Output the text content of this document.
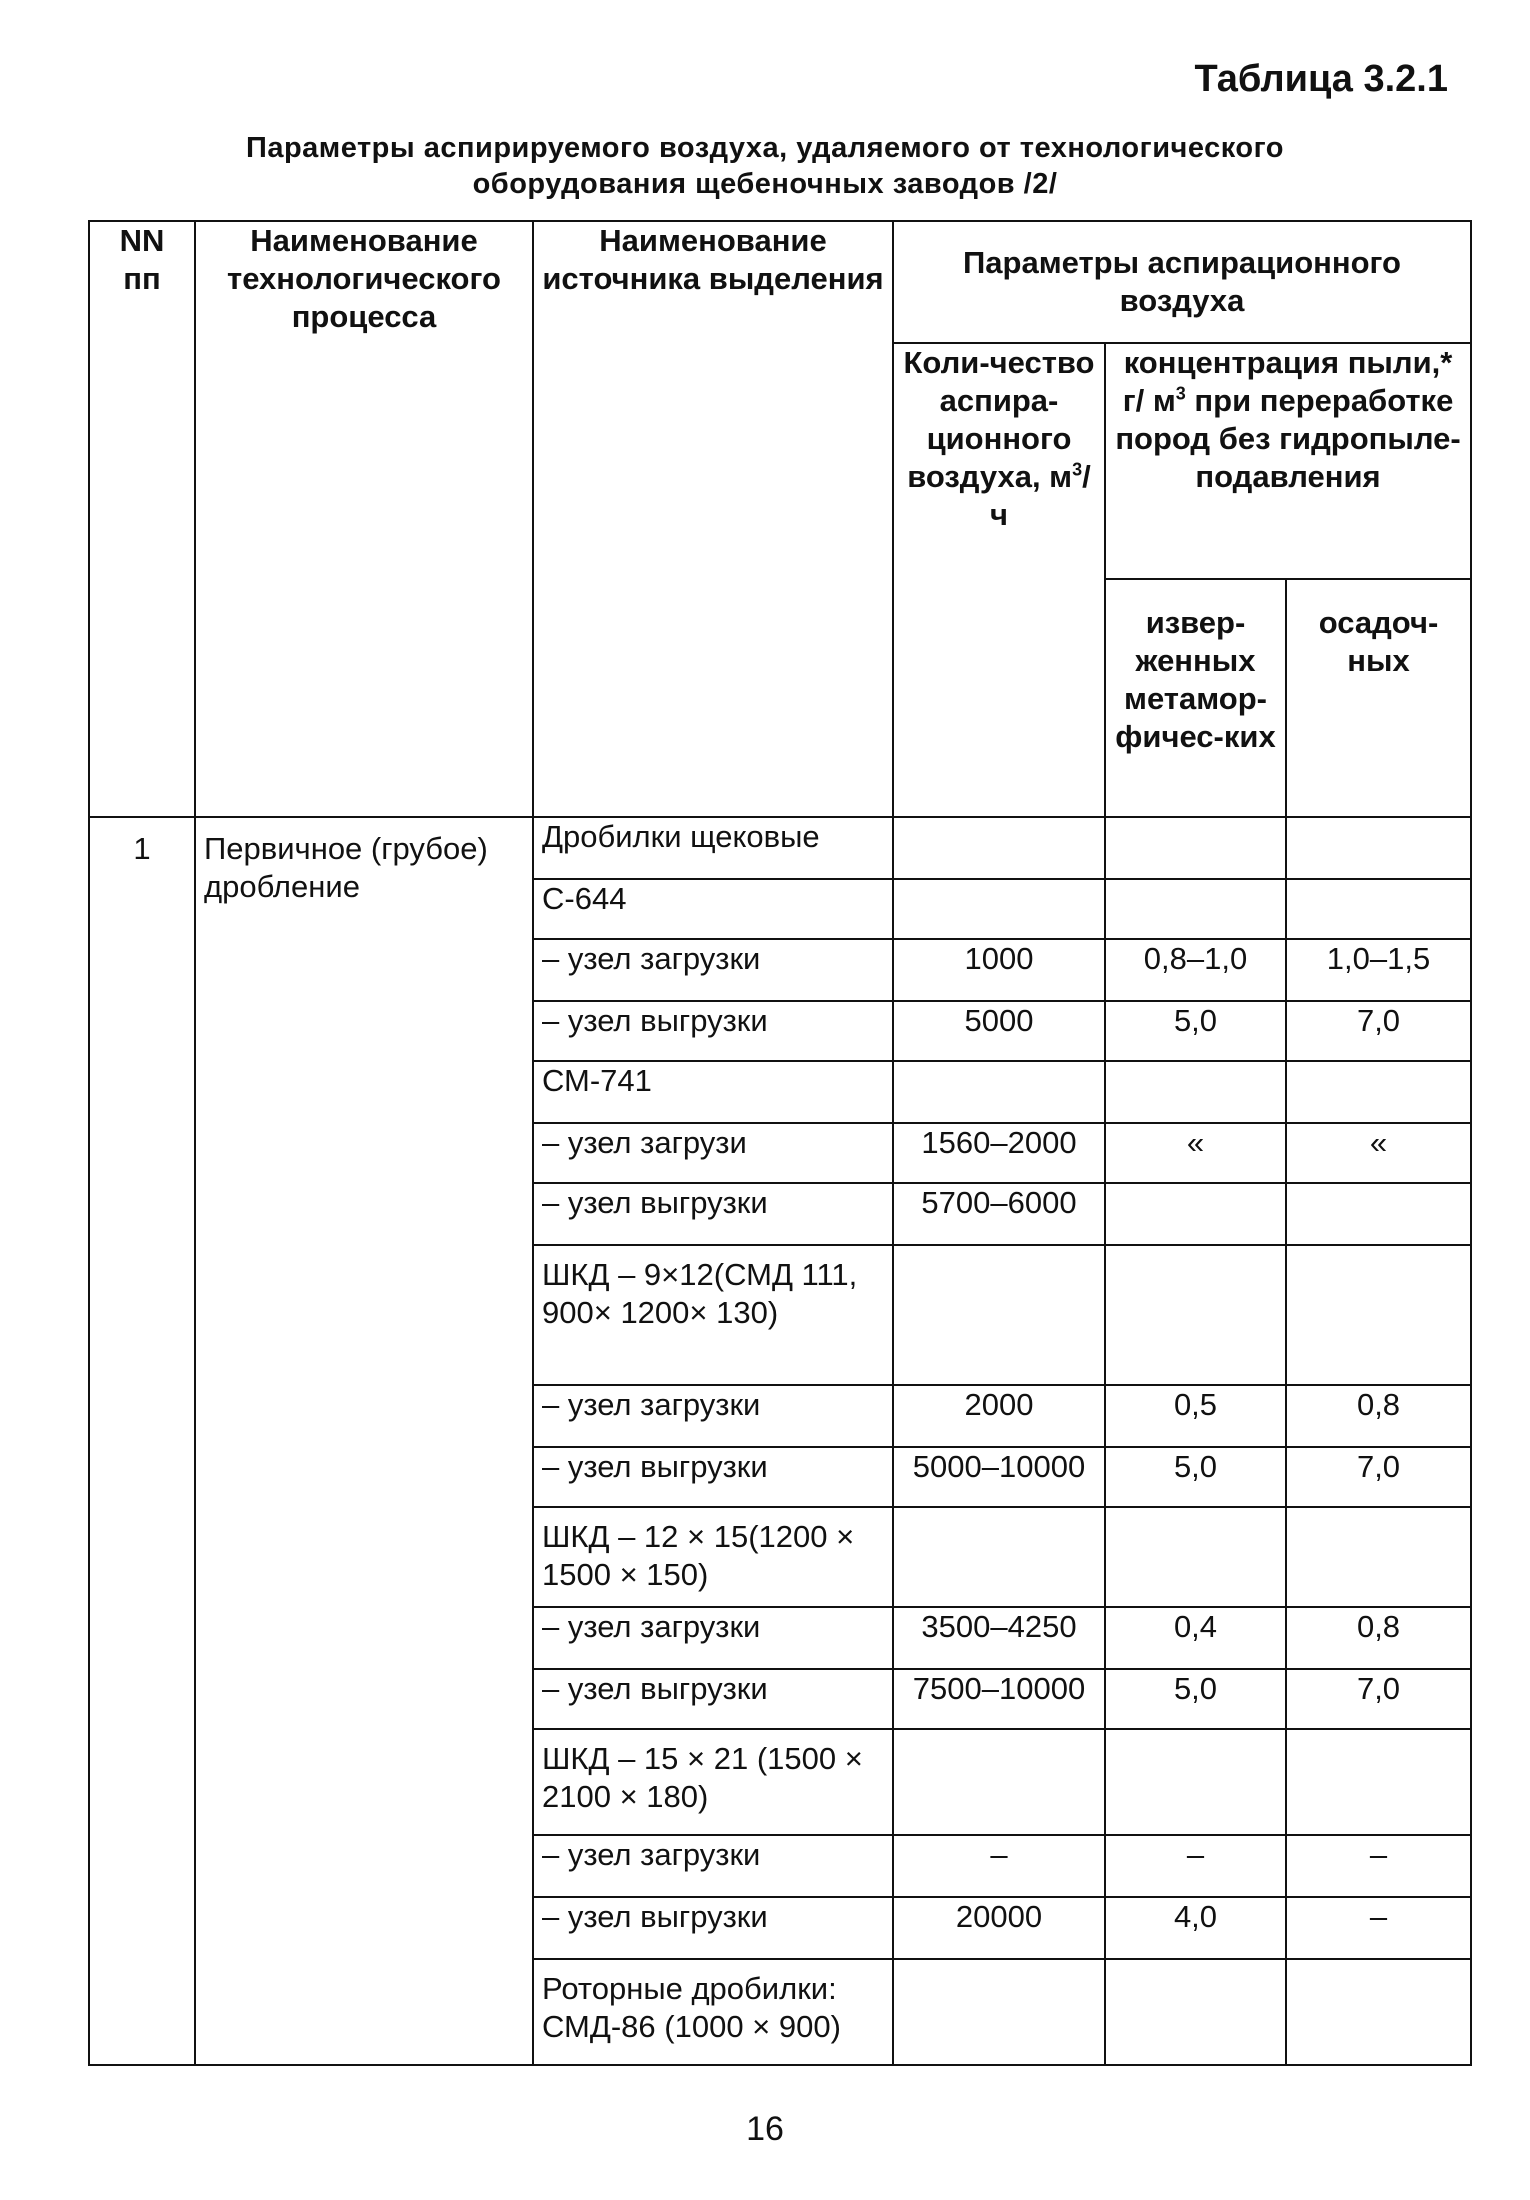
Таблица 3.2.1
Параметры аспирируемого воздуха, удаляемого от технологического
оборудования щебеночных заводов /2/
NN пп	Наименование технологического процесса	Наименование источника выделения	Параметры аспирационного воздуха		
			Коли-чество аспира-ционного воздуха, $м^3/ч$	концентрация пыли,* г/ $м^3$ при переработке пород без гидропыле-подавления	
				извер-женных метамор-фичес-ких	осадоч-ных
1	Первичное (грубое) дробление	Дробилки щековые			
		С-644			
		– узел загрузки	1000	0,8–1,0	1,0–1,5
		– узел выгрузки	5000	5,0	7,0
		СМ-741			
		– узел загрузи	1560–2000	«	«
		– узел выгрузки	5700–6000		
		ШКД – 9×12(СМД 111, 900× 1200× 130)			
		– узел загрузки	2000	0,5	0,8
		– узел выгрузки	5000–10000	5,0	7,0
		ШКД – 12 × 15(1200 × 1500 × 150)			
		– узел загрузки	3500–4250	0,4	0,8
		– узел выгрузки	7500–10000	5,0	7,0
		ШКД – 15 × 21 (1500 × 2100 × 180)			
		– узел загрузки	–	–	–
		– узел выгрузки	20000	4,0	–
		Роторные дробилки: СМД-86 (1000 × 900)			
16
